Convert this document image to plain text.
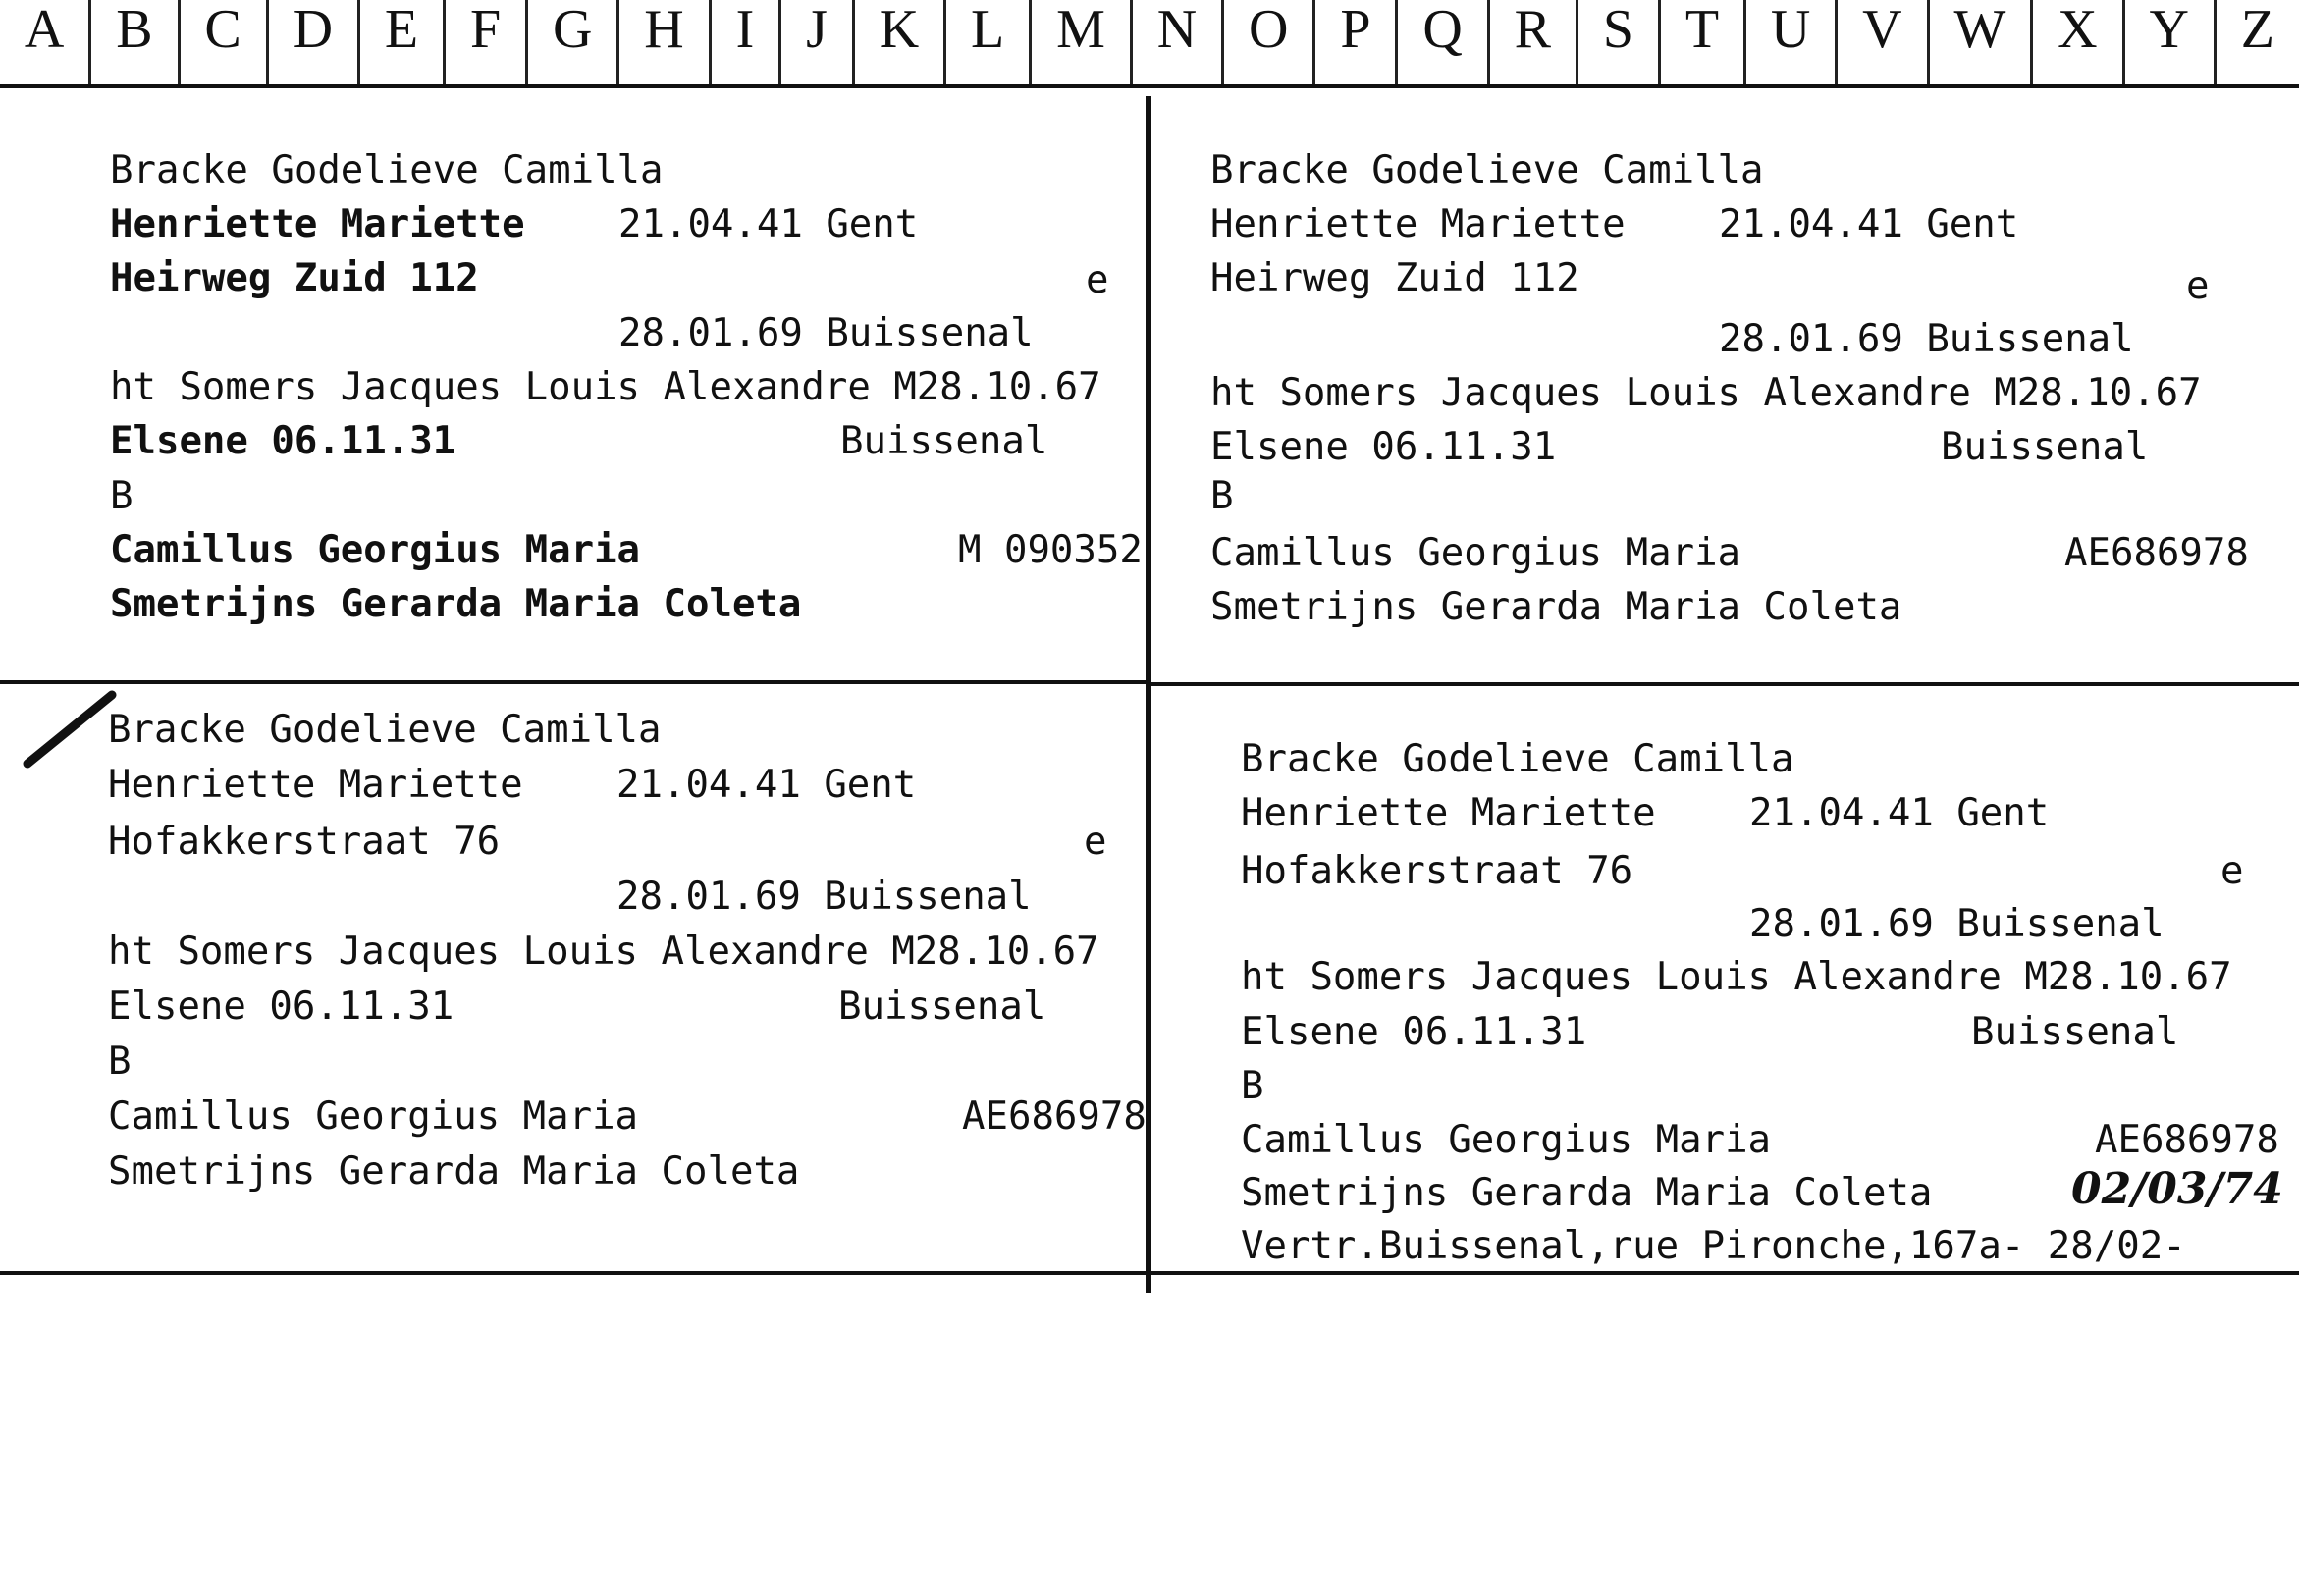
A B C D E F G H I J K L M N O P Q R S T U V W X Y Z

Bracke Godelieve Camilla

Henriette Mariette

21.04.41 Gent

Heirweg Zuid 112

	e

28.01.69 Buissenal

ht Somers Jacques Louis Alexandre M28.10.67

Elsene 06.11.31

	Buissenal

B

Camillus Georgius Maria

	M 090352

Smetrijns Gerarda Maria Coleta

Bracke Godelieve Camilla

Henriette Mariette

21.04.41 Gent

Heirweg Zuid 112

	e

28.01.69 Buissenal

ht Somers Jacques Louis Alexandre M28.10.67

Elsene 06.11.31

	Buissenal

B

Camillus Georgius Maria

	AE686978

Smetrijns Gerarda Maria Coleta

Bracke Godelieve Camilla

Henriette Mariette

21.04.41 Gent

Hofakkerstraat 76

	e

28.01.69 Buissenal

ht Somers Jacques Louis Alexandre M28.10.67

Elsene 06.11.31

	Buissenal

B

Camillus Georgius Maria

	AE686978

Smetrijns Gerarda Maria Coleta

Bracke Godelieve Camilla

Henriette Mariette

21.04.41 Gent

Hofakkerstraat 76

	e

28.01.69 Buissenal

ht Somers Jacques Louis Alexandre M28.10.67

Elsene 06.11.31

	Buissenal

B

Camillus Georgius Maria

	AE686978

Smetrijns Gerarda Maria Coleta

	02/03/74

Vertr.Buissenal,rue Pironche,167a- 28/02-
